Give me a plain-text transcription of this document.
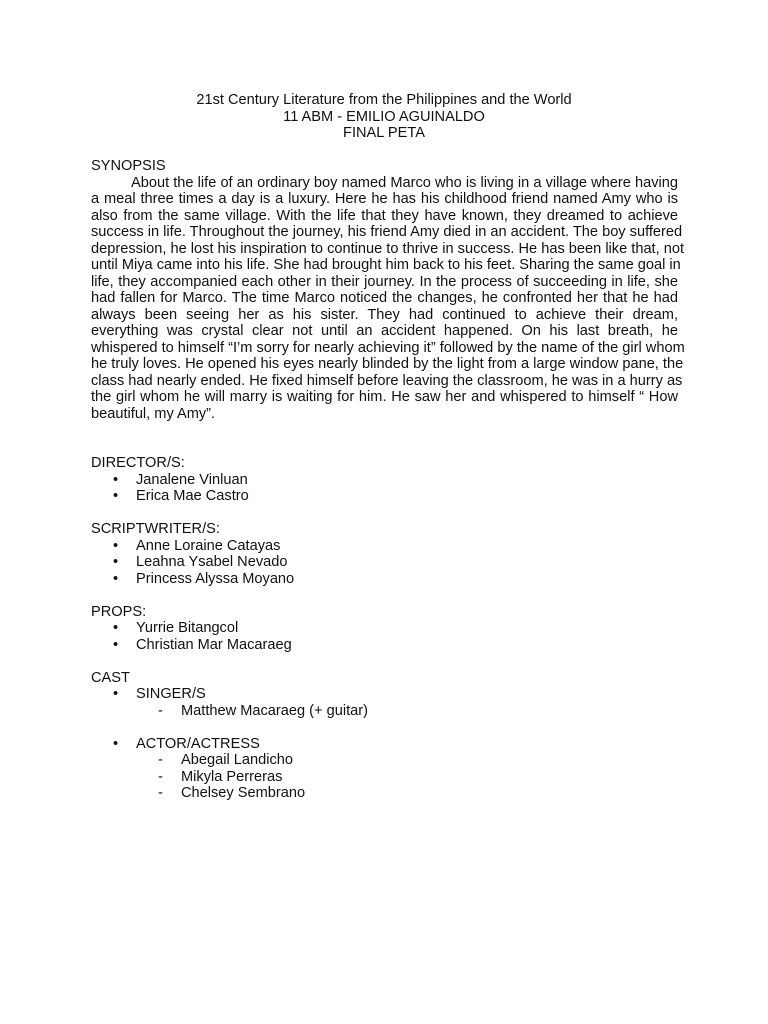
21st Century Literature from the Philippines and the World
11 ABM - EMILIO AGUINALDO
FINAL PETA
SYNOPSIS
About the life of an ordinary boy named Marco who is living in a village where having
a meal three times a day is a luxury. Here he has his childhood friend named Amy who is
also from the same village. With the life that they have known, they dreamed to achieve
success in life. Throughout the journey, his friend Amy died in an accident. The boy suffered
depression, he lost his inspiration to continue to thrive in success. He has been like that, not
until Miya came into his life. She had brought him back to his feet. Sharing the same goal in
life, they accompanied each other in their journey. In the process of succeeding in life, she
had fallen for Marco. The time Marco noticed the changes, he confronted her that he had
always been seeing her as his sister. They had continued to achieve their dream,
everything was crystal clear not until an accident happened. On his last breath, he
whispered to himself “I’m sorry for nearly achieving it” followed by the name of the girl whom
he truly loves. He opened his eyes nearly blinded by the light from a large window pane, the
class had nearly ended. He fixed himself before leaving the classroom, he was in a hurry as
the girl whom he will marry is waiting for him. He saw her and whispered to himself “ How
beautiful, my Amy”.
DIRECTOR/S:
• Janalene Vinluan
• Erica Mae Castro
SCRIPTWRITER/S:
• Anne Loraine Catayas
• Leahna Ysabel Nevado
• Princess Alyssa Moyano
PROPS:
• Yurrie Bitangcol
• Christian Mar Macaraeg
CAST
• SINGER/S
- Matthew Macaraeg (+ guitar)
• ACTOR/ACTRESS
- Abegail Landicho
- Mikyla Perreras
- Chelsey Sembrano
